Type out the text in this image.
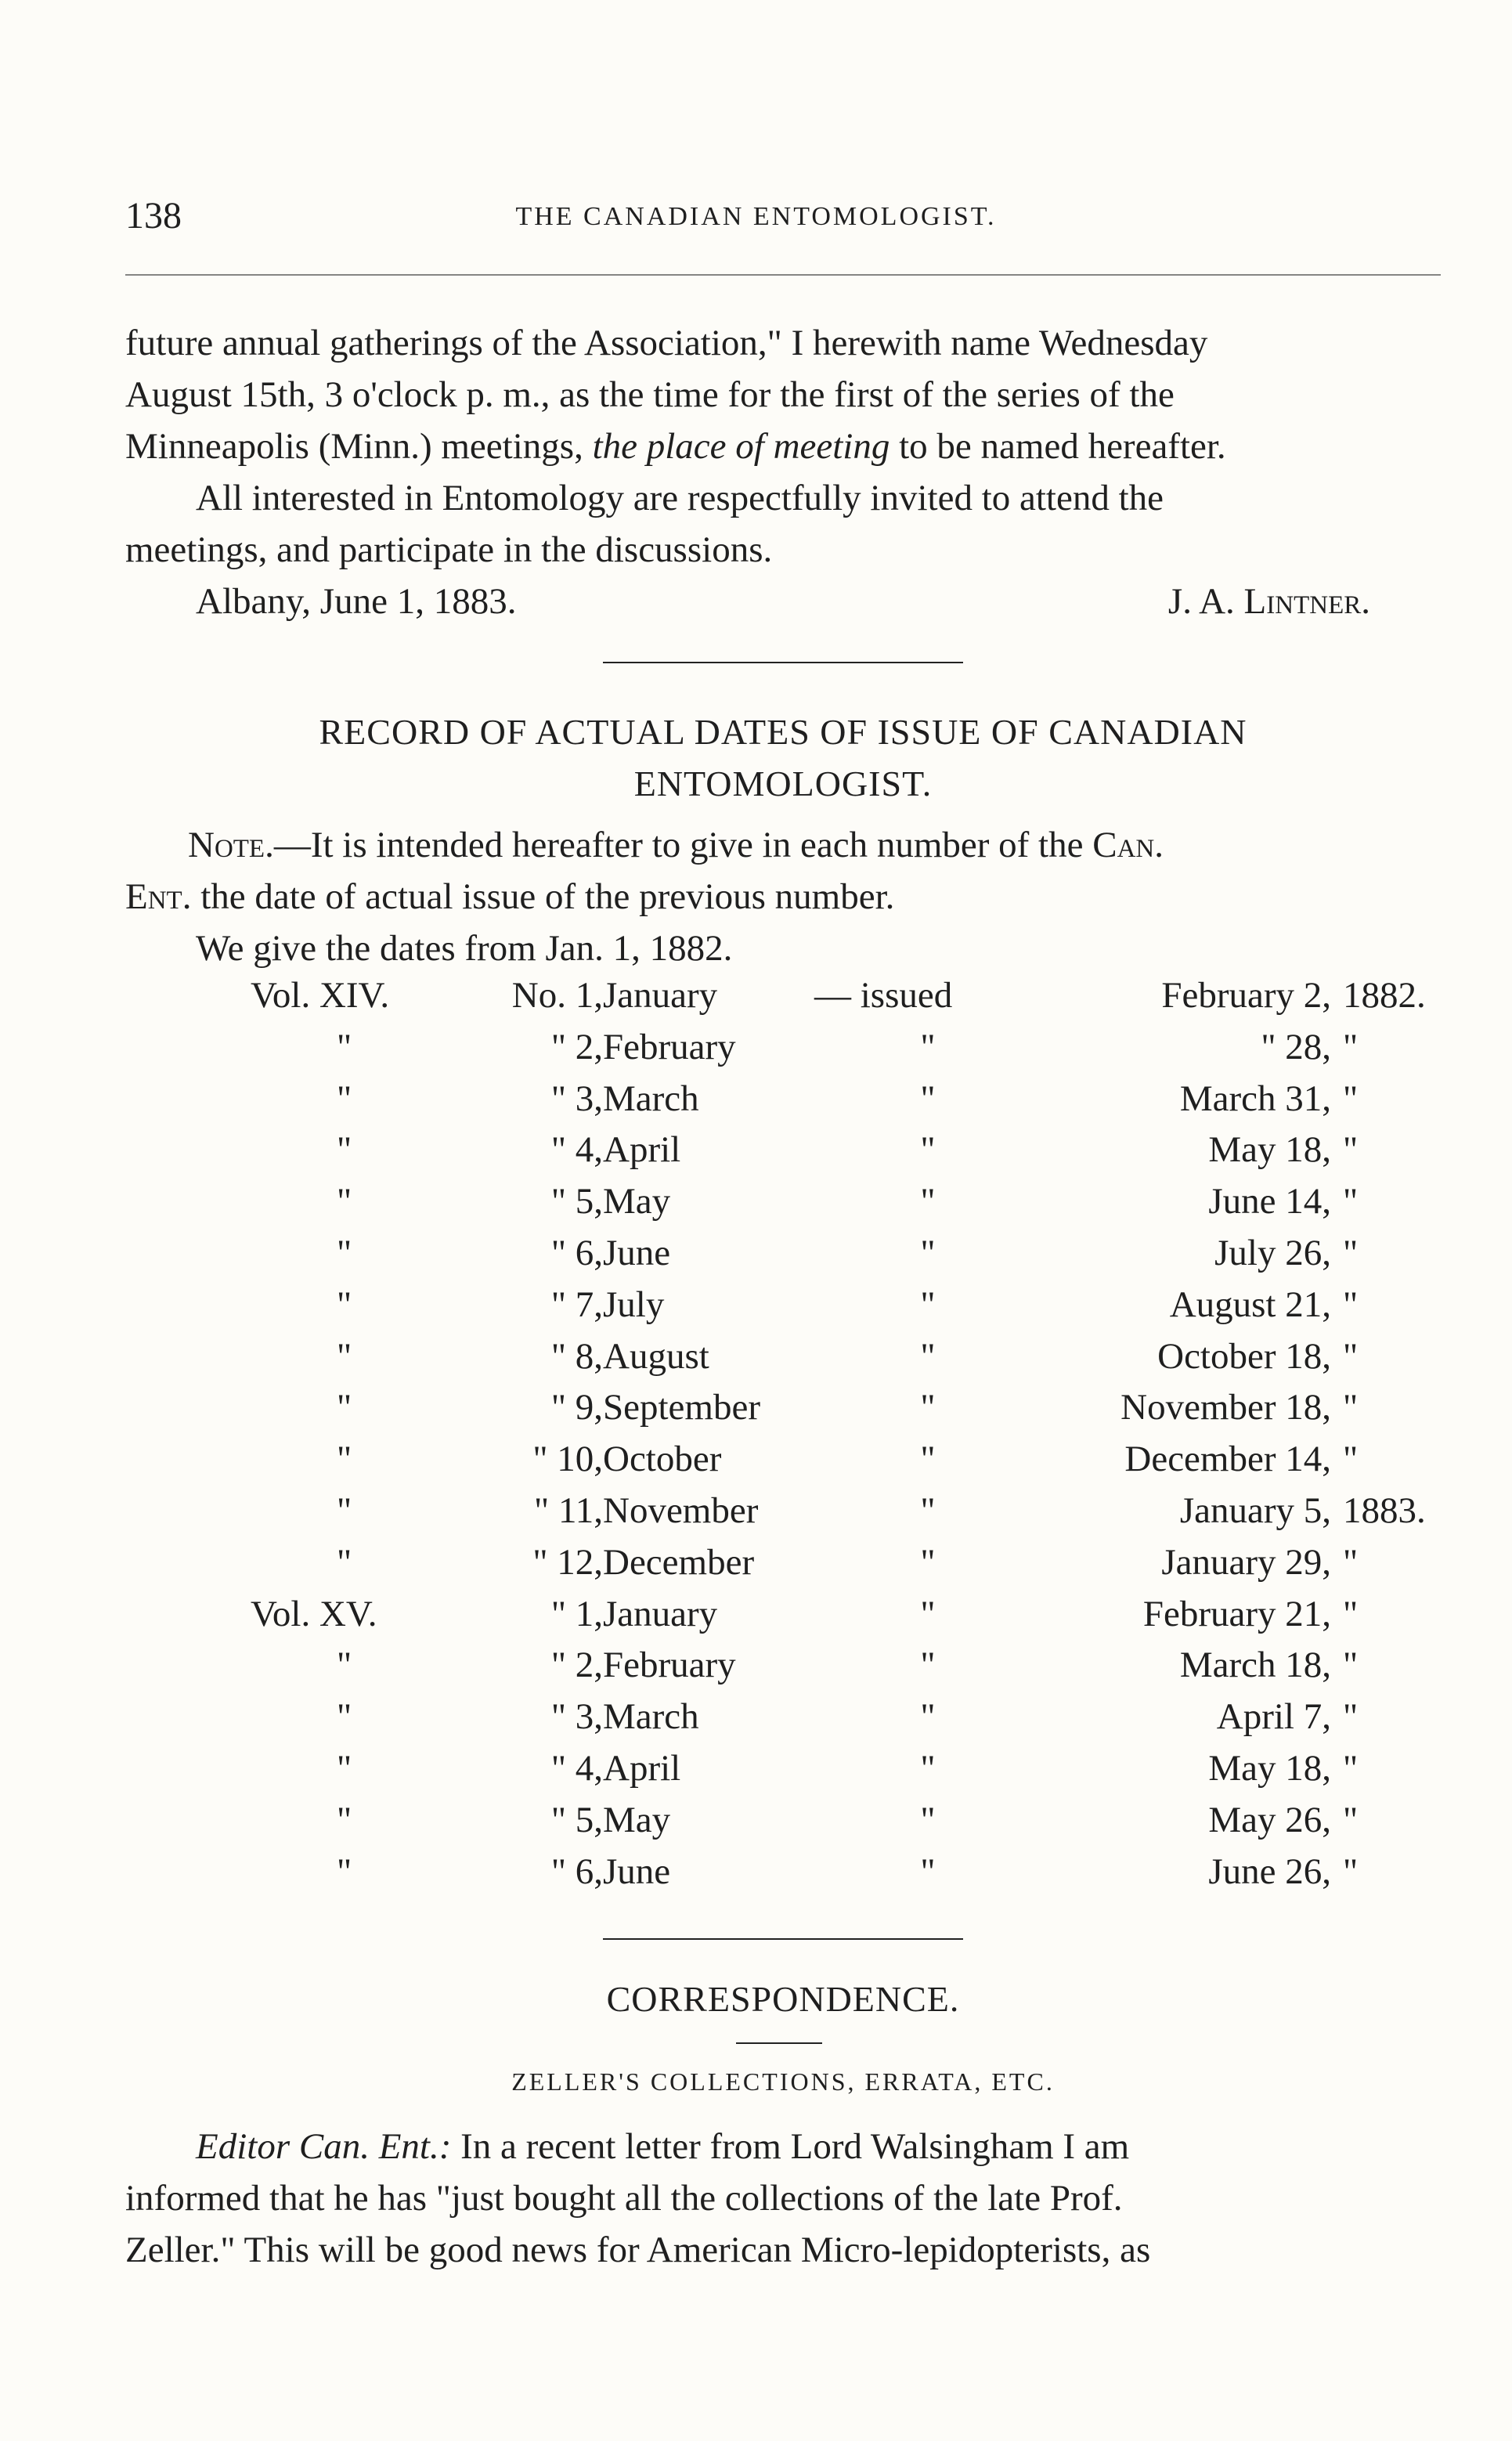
138	THE CANADIAN ENTOMOLOGIST.

future annual gatherings of the Association," I herewith name Wednesday

August 15th, 3 o'clock p. m., as the time for the first of the series of the

Minneapolis (Minn.) meetings, the place of meeting to be named hereafter.

All interested in Entomology are respectfully invited to attend the

meetings, and participate in the discussions.

Albany, June 1, 1883.	J. A. Lintner.
RECORD OF ACTUAL DATES OF ISSUE OF CANADIAN
ENTOMOLOGIST.

Note.—It is intended hereafter to give in each number of the Can.

Ent. the date of actual issue of the previous number.

We give the dates from Jan. 1, 1882.

Vol. XIV.	No. 1, January	— issued	February 2, 1882.
"	" 2, February	"	" 28, "
"	" 3, March	"	March 31, "
"	" 4, April	"	May 18, "
"	" 5, May	"	June 14, "
"	" 6, June	"	July 26, "
"	" 7, July	"	August 21, "
"	" 8, August	"	October 18, "
"	" 9, September	"	November 18, "
"	" 10, October	"	December 14, "
"	" 11, November	"	January 5, 1883.
"	" 12, December	"	January 29, "
Vol. XV.	" 1, January	"	February 21, "
"	" 2, February	"	March 18, "
"	" 3, March	"	April 7, "
"	" 4, April	"	May 18, "
"	" 5, May	"	May 26, "
"	" 6, June	"	June 26, "
CORRESPONDENCE.
ZELLER'S COLLECTIONS, ERRATA, ETC.

Editor Can. Ent.: In a recent letter from Lord Walsingham I am

informed that he has "just bought all the collections of the late Prof.

Zeller." This will be good news for American Micro-lepidopterists, as
